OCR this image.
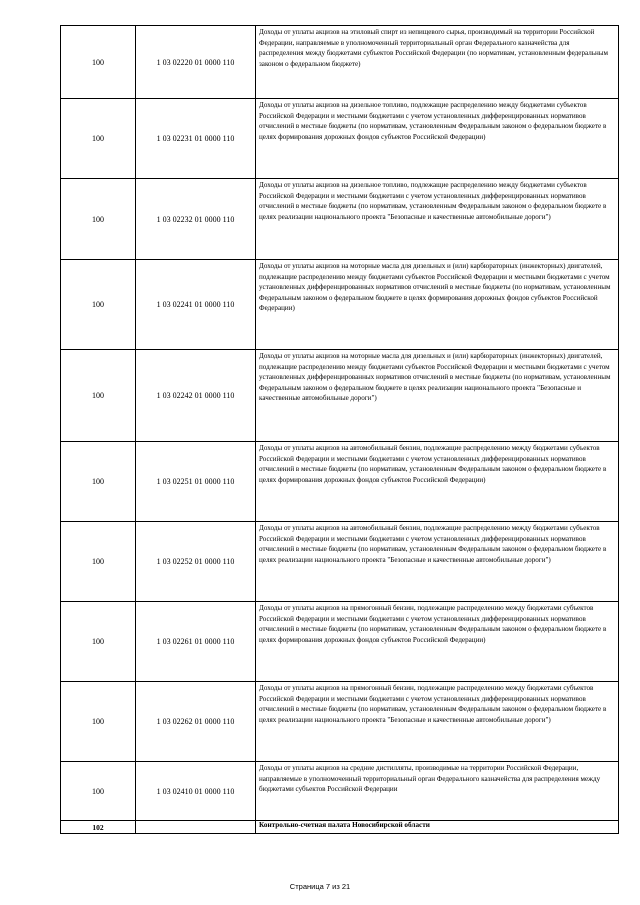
100	1 03 02220 01 0000 110	Доходы от уплаты акцизов на этиловый спирт из непищевого сырья, производимый на территории Российской Федерации, направляемые в уполномоченный территориальный орган Федерального казначейства для распределения между бюджетами субъектов Российской Федерации (по нормативам, установленным федеральным законом о федеральном бюджете)
100	1 03 02231 01 0000 110	Доходы от уплаты акцизов на дизельное топливо, подлежащие распределению между бюджетами субъектов Российской Федерации и местными бюджетами с учетом установленных дифференцированных нормативов отчислений в местные бюджеты (по нормативам, установленным Федеральным законом о федеральном бюджете в целях формирования дорожных фондов субъектов Российской Федерации)
100	1 03 02232 01 0000 110	Доходы от уплаты акцизов на дизельное топливо, подлежащие распределению между бюджетами субъектов Российской Федерации и местными бюджетами с учетом установленных дифференцированных нормативов отчислений в местные бюджеты (по нормативам, установленным Федеральным законом о федеральном бюджете в целях реализации национального проекта "Безопасные и качественные автомобильные дороги")
100	1 03 02241 01 0000 110	Доходы от уплаты акцизов на моторные масла для дизельных и (или) карбюраторных (инжекторных) двигателей, подлежащие распределению между бюджетами субъектов Российской Федерации и местными бюджетами с учетом установленных дифференцированных нормативов отчислений в местные бюджеты (по нормативам, установленным Федеральным законом о федеральном бюджете в целях формирования дорожных фондов субъектов Российской Федерации)
100	1 03 02242 01 0000 110	Доходы от уплаты акцизов на моторные масла для дизельных и (или) карбюраторных (инжекторных) двигателей, подлежащие распределению между бюджетами субъектов Российской Федерации и местными бюджетами с учетом установленных дифференцированных нормативов отчислений в местные бюджеты (по нормативам, установленным Федеральным законом о федеральном бюджете в целях реализации национального проекта "Безопасные и качественные автомобильные дороги")
100	1 03 02251 01 0000 110	Доходы от уплаты акцизов на автомобильный бензин, подлежащие распределению между бюджетами субъектов Российской Федерации и местными бюджетами с учетом установленных дифференцированных нормативов отчислений в местные бюджеты (по нормативам, установленным Федеральным законом о федеральном бюджете в целях формирования дорожных фондов субъектов Российской Федерации)
100	1 03 02252 01 0000 110	Доходы от уплаты акцизов на автомобильный бензин, подлежащие распределению между бюджетами субъектов Российской Федерации и местными бюджетами с учетом установленных дифференцированных нормативов отчислений в местные бюджеты (по нормативам, установленным Федеральным законом о федеральном бюджете в целях реализации национального проекта "Безопасные и качественные автомобильные дороги")
100	1 03 02261 01 0000 110	Доходы от уплаты акцизов на прямогонный бензин, подлежащие распределению между бюджетами субъектов Российской Федерации и местными бюджетами с учетом установленных дифференцированных нормативов отчислений в местные бюджеты (по нормативам, установленным Федеральным законом о федеральном бюджете в целях формирования дорожных фондов субъектов Российской Федерации)
100	1 03 02262 01 0000 110	Доходы от уплаты акцизов на прямогонный бензин, подлежащие распределению между бюджетами субъектов Российской Федерации и местными бюджетами с учетом установленных дифференцированных нормативов отчислений в местные бюджеты (по нормативам, установленным Федеральным законом о федеральном бюджете в целях реализации национального проекта "Безопасные и качественные автомобильные дороги")
100	1 03 02410 01 0000 110	Доходы от уплаты акцизов на средние дистилляты, производимые на территории Российской Федерации, направляемые в уполномоченный территориальный орган Федерального казначейства для распределения между бюджетами субъектов Российской Федерации
102		Контрольно-счетная палата Новосибирской области
Страница 7 из 21
